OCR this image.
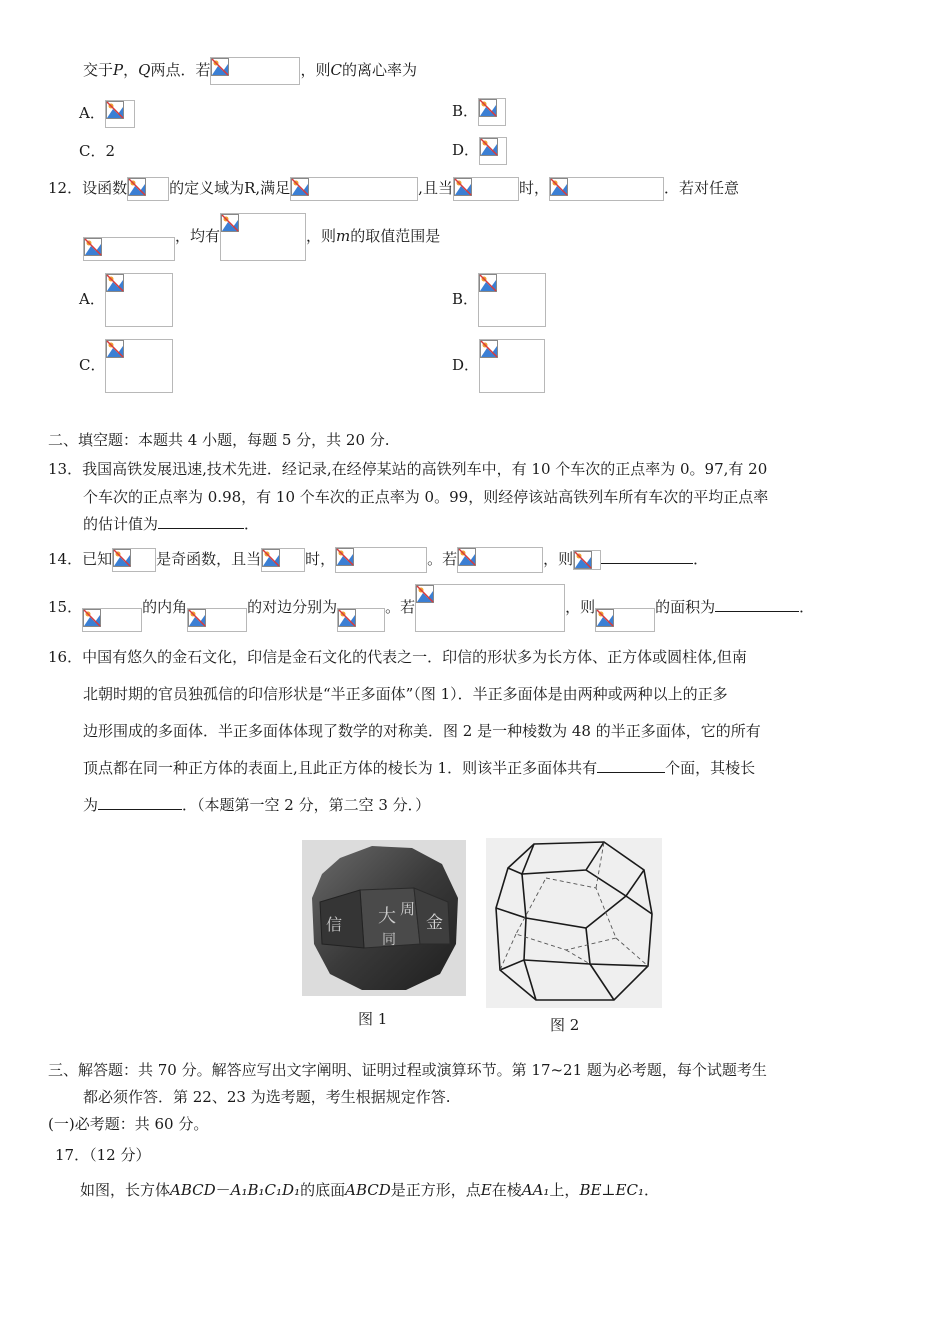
交于P，Q两点．若	，则C的离心率为
A．	B．
C．2	D．
12．设函数	的定义域为R,满足	,且当	时，	．若对任意
，均有	，则m的取值范围是
A．	B．
C．	D．
二、填空题：本题共 4 小题，每题 5 分，共 20 分.
13．我国高铁发展迅速,技术先进．经记录,在经停某站的高铁列车中，有 10 个车次的正点率为 0。97,有 20
个车次的正点率为 0.98，有 10 个车次的正点率为 0。99，则经停该站高铁列车所有车次的平均正点率
的估计值为	．
14．已知	是奇函数，且当	时，	。若	，则	．
15．	的内角	的对边分别为	。若	，则	的面积为	．
16．中国有悠久的金石文化，印信是金石文化的代表之一．印信的形状多为长方体、正方体或圆柱体,但南
北朝时期的官员独孤信的印信形状是“半正多面体”（图 1）．半正多面体是由两种或两种以上的正多
边形围成的多面体．半正多面体体现了数学的对称美．图 2 是一种棱数为 48 的半正多面体，它的所有
顶点都在同一种正方体的表面上,且此正方体的棱长为 1．则该半正多面体共有	个面，其棱长
为	．（本题第一空 2 分，第二空 3 分．）
大 周
金
信
同
图 1	图 2
三、解答题：共 70 分。解答应写出文字阐明、证明过程或演算环节。第 17~21 题为必考题，每个试题考生
都必须作答．第 22、23 为选考题，考生根据规定作答.
(一)必考题：共 60 分。
17．（12 分）
如图，长方体ABCD－A₁B₁C₁D₁的底面ABCD是正方形，点E在棱AA₁上，BE⊥EC₁．
